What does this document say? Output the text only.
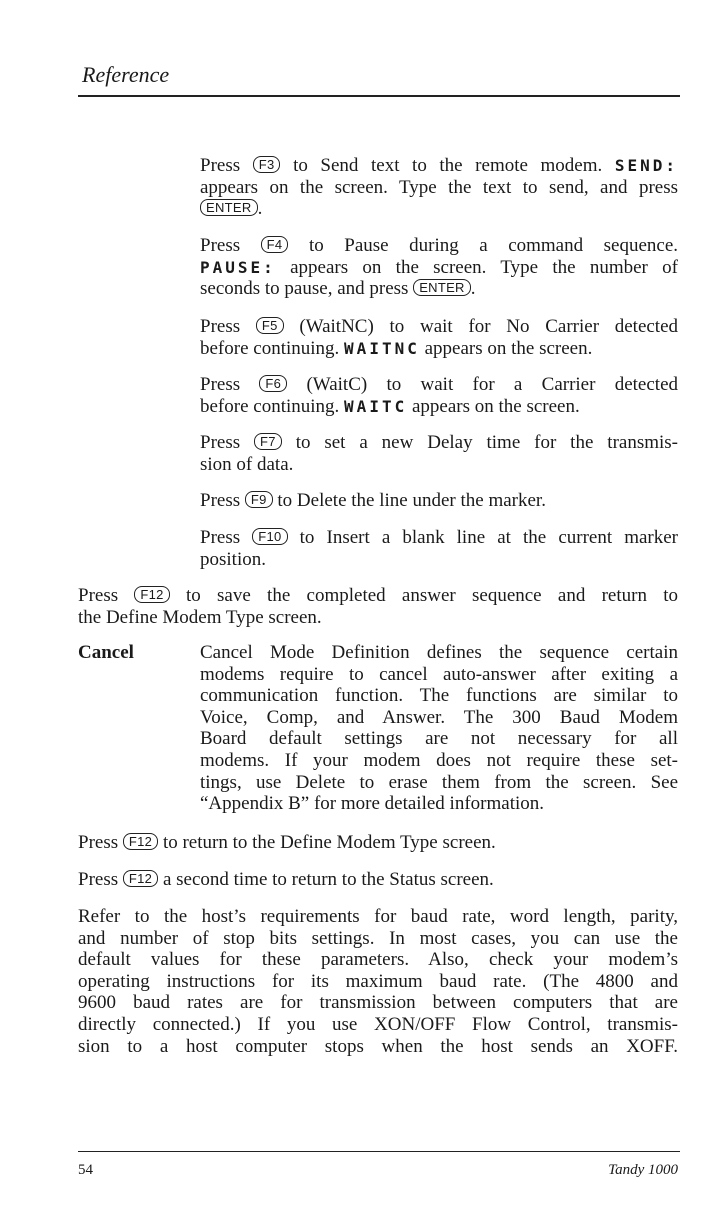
Reference
Press F3 to Send text to the remote modem. SEND:
appears on the screen. Type the text to send, and press
ENTER .
Press F4 to Pause during a command sequence.
PAUSE: appears on the screen. Type the number of
seconds to pause, and press ENTER .
Press F5 (WaitNC) to wait for No Carrier detected
before continuing. WAITNC appears on the screen.
Press F6 (WaitC) to wait for a Carrier detected
before continuing. WAITC appears on the screen.
Press F7 to set a new Delay time for the transmis-
sion of data.
Press F9 to Delete the line under the marker.
Press F10 to Insert a blank line at the current marker
position.
Press F12 to save the completed answer sequence and return to
the Define Modem Type screen.
Cancel	Cancel Mode Definition defines the sequence certain
modems require to cancel auto-answer after exiting a
communication function. The functions are similar to
Voice, Comp, and Answer. The 300 Baud Modem
Board default settings are not necessary for all
modems. If your modem does not require these set-
tings, use Delete to erase them from the screen. See
“Appendix B” for more detailed information.
Press F12 to return to the Define Modem Type screen.
Press F12 a second time to return to the Status screen.
Refer to the host’s requirements for baud rate, word length, parity,
and number of stop bits settings. In most cases, you can use the
default values for these parameters. Also, check your modem’s
operating instructions for its maximum baud rate. (The 4800 and
9600 baud rates are for transmission between computers that are
directly connected.) If you use XON/OFF Flow Control, transmis-
sion to a host computer stops when the host sends an XOFF.
54	Tandy 1000
